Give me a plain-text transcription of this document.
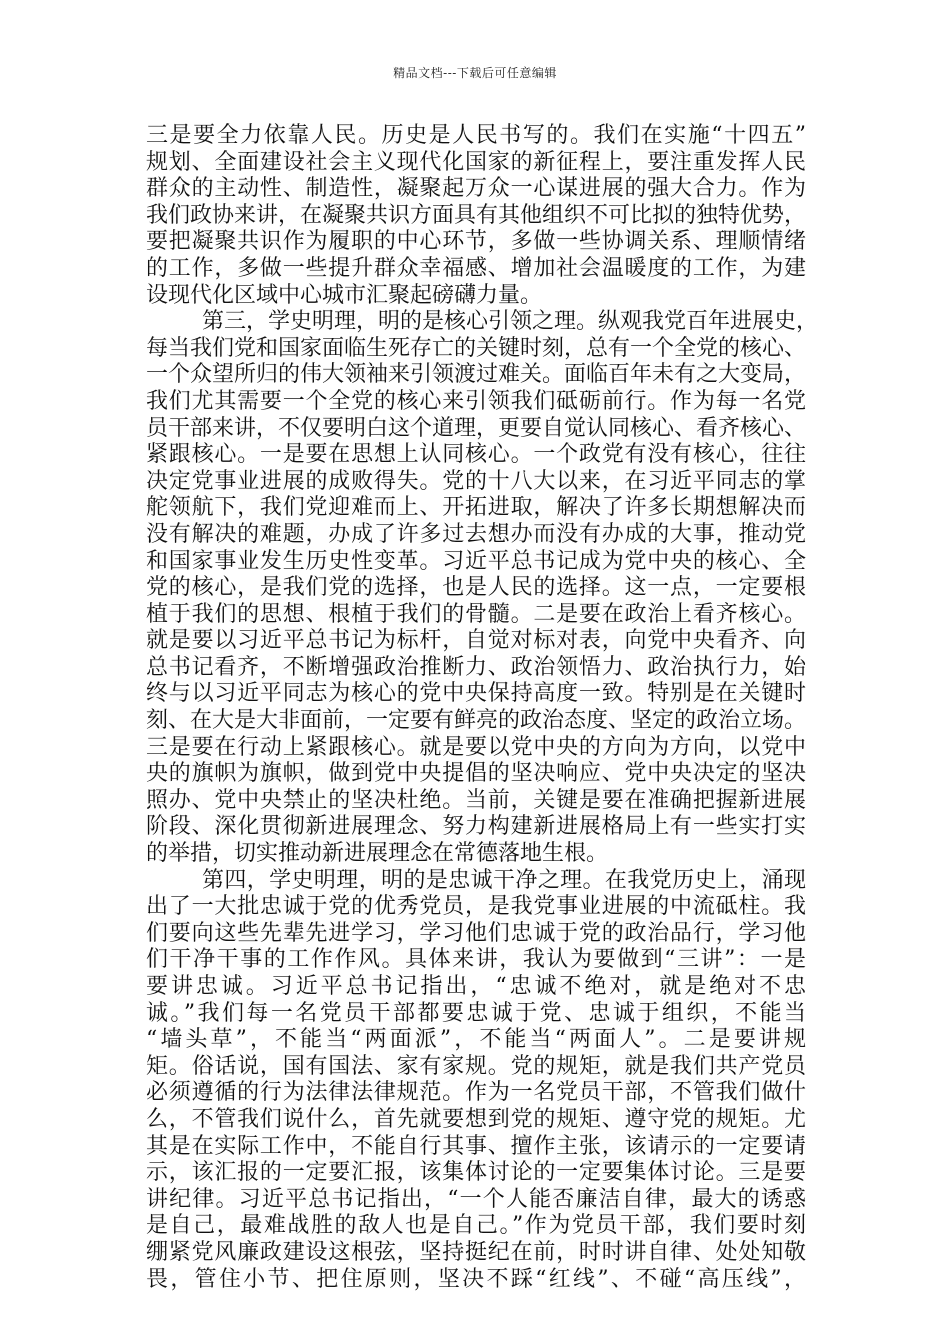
精品文档---下载后可任意编辑
三是要全力依靠人民。历史是人民书写的。我们在实施“十四五”
规划、全面建设社会主义现代化国家的新征程上，要注重发挥人民
群众的主动性、制造性，凝聚起万众一心谋进展的强大合力。作为
我们政协来讲，在凝聚共识方面具有其他组织不可比拟的独特优势，
要把凝聚共识作为履职的中心环节，多做一些协调关系、理顺情绪
的工作，多做一些提升群众幸福感、增加社会温暖度的工作，为建
设现代化区域中心城市汇聚起磅礴力量。
第三，学史明理，明的是核心引领之理。纵观我党百年进展史，
每当我们党和国家面临生死存亡的关键时刻，总有一个全党的核心、
一个众望所归的伟大领袖来引领渡过难关。面临百年未有之大变局，
我们尤其需要一个全党的核心来引领我们砥砺前行。作为每一名党
员干部来讲，不仅要明白这个道理，更要自觉认同核心、看齐核心、
紧跟核心。一是要在思想上认同核心。一个政党有没有核心，往往
决定党事业进展的成败得失。党的十八大以来，在习近平同志的掌
舵领航下，我们党迎难而上、开拓进取，解决了许多长期想解决而
没有解决的难题，办成了许多过去想办而没有办成的大事，推动党
和国家事业发生历史性变革。习近平总书记成为党中央的核心、全
党的核心，是我们党的选择，也是人民的选择。这一点，一定要根
植于我们的思想、根植于我们的骨髓。二是要在政治上看齐核心。
就是要以习近平总书记为标杆，自觉对标对表，向党中央看齐、向
总书记看齐，不断增强政治推断力、政治领悟力、政治执行力，始
终与以习近平同志为核心的党中央保持高度一致。特别是在关键时
刻、在大是大非面前，一定要有鲜亮的政治态度、坚定的政治立场。
三是要在行动上紧跟核心。就是要以党中央的方向为方向，以党中
央的旗帜为旗帜，做到党中央提倡的坚决响应、党中央决定的坚决
照办、党中央禁止的坚决杜绝。当前，关键是要在准确把握新进展
阶段、深化贯彻新进展理念、努力构建新进展格局上有一些实打实
的举措，切实推动新进展理念在常德落地生根。
第四，学史明理，明的是忠诚干净之理。在我党历史上，涌现
出了一大批忠诚于党的优秀党员，是我党事业进展的中流砥柱。我
们要向这些先辈先进学习，学习他们忠诚于党的政治品行，学习他
们干净干事的工作作风。具体来讲，我认为要做到“三讲”：一是
要讲忠诚。习近平总书记指出，“忠诚不绝对，就是绝对不忠
诚。”我们每一名党员干部都要忠诚于党、忠诚于组织，不能当
“墙头草”，不能当“两面派”，不能当“两面人”。二是要讲规
矩。俗话说，国有国法、家有家规。党的规矩，就是我们共产党员
必须遵循的行为法律法律规范。作为一名党员干部，不管我们做什
么，不管我们说什么，首先就要想到党的规矩、遵守党的规矩。尤
其是在实际工作中，不能自行其事、擅作主张，该请示的一定要请
示，该汇报的一定要汇报，该集体讨论的一定要集体讨论。三是要
讲纪律。习近平总书记指出，“一个人能否廉洁自律，最大的诱惑
是自己，最难战胜的敌人也是自己。”作为党员干部，我们要时刻
绷紧党风廉政建设这根弦，坚持挺纪在前，时时讲自律、处处知敬
畏，管住小节、把住原则，坚决不踩“红线”、不碰“高压线”，
